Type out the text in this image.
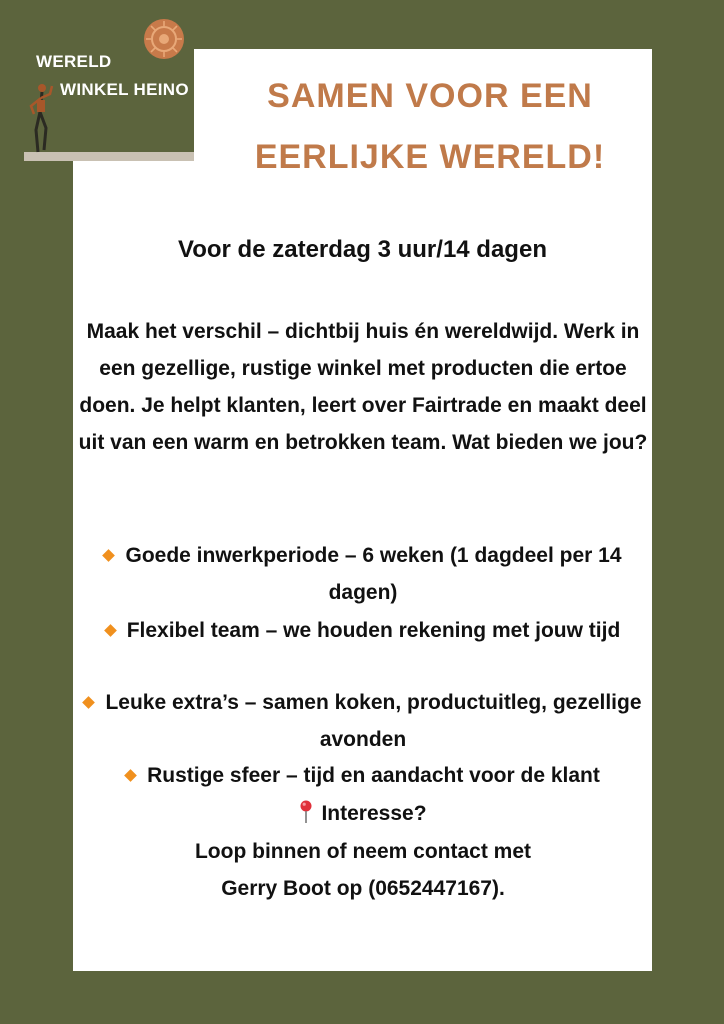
WERELD
WINKEL HEINO	SAMEN VOOR EEN
EERLIJKE WERELD!
Voor de zaterdag 3 uur/14 dagen

Maak het verschil – dichtbij huis én wereldwijd. Werk in een gezellige, rustige winkel met producten die ertoe doen. Je helpt klanten, leert over Fairtrade en maakt deel uit van een warm en betrokken team. Wat bieden we jou?

Goede inwerkperiode – 6 weken (1 dagdeel per 14 dagen)
Flexibel team – we houden rekening met jouw tijd
Leuke extra’s – samen koken, productuitleg, gezellige avonden
Rustige sfeer – tijd en aandacht voor de klant
Interesse?
Loop binnen of neem contact met
Gerry Boot op (0652447167).
